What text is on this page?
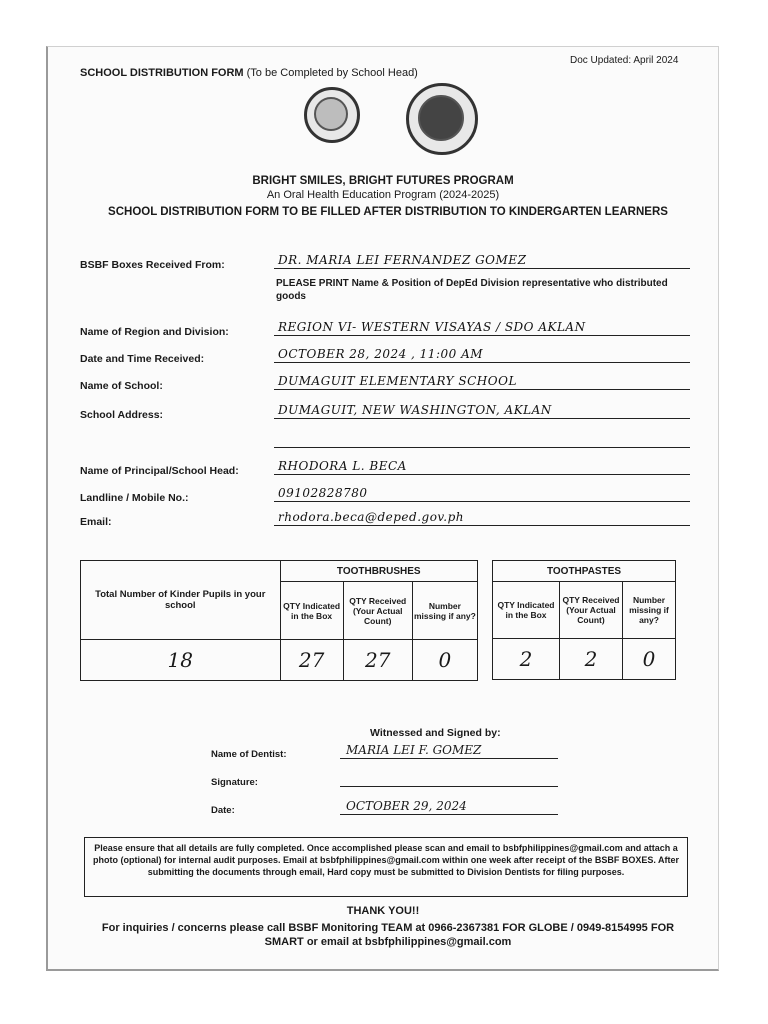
Doc Updated: April 2024
SCHOOL DISTRIBUTION FORM (To be Completed by School Head)
BRIGHT SMILES, BRIGHT FUTURES PROGRAM
An Oral Health Education Program (2024-2025)
SCHOOL DISTRIBUTION FORM TO BE FILLED AFTER DISTRIBUTION TO KINDERGARTEN LEARNERS
BSBF Boxes Received From:	DR. MARIA LEI FERNANDEZ GOMEZ
PLEASE PRINT Name & Position of DepEd Division representative who distributed goods
Name of Region and Division:	REGION VI- WESTERN VISAYAS / SDO AKLAN
Date and Time Received:	OCTOBER 28, 2024 , 11:00 AM
Name of School:	DUMAGUIT ELEMENTARY SCHOOL
School Address:	DUMAGUIT, NEW WASHINGTON, AKLAN
Name of Principal/School Head:	RHODORA L. BECA
Landline / Mobile No.:	09102828780
Email:	rhodora.beca@deped.gov.ph
Total Number of Kinder Pupils in your school	TOOTHBRUSHES		
	QTY Indicated in the Box	QTY Received (Your Actual Count)	Number missing if any?
18	27	27	0
TOOTHPASTES		
QTY Indicated in the Box	QTY Received (Your Actual Count)	Number missing if any?
2	2	0
Witnessed and Signed by:
Name of Dentist:	MARIA LEI F. GOMEZ
Signature:
Date:	OCTOBER 29, 2024
Please ensure that all details are fully completed. Once accomplished please scan and email to bsbfphilippines@gmail.com and attach a photo (optional) for internal audit purposes. Email at bsbfphilippines@gmail.com within one week after receipt of the BSBF BOXES. After submitting the documents through email, Hard copy must be submitted to Division Dentists for filing purposes.
THANK YOU!!
For inquiries / concerns please call BSBF Monitoring TEAM at 0966-2367381 FOR GLOBE / 0949-8154995 FOR SMART or email at bsbfphilippines@gmail.com
